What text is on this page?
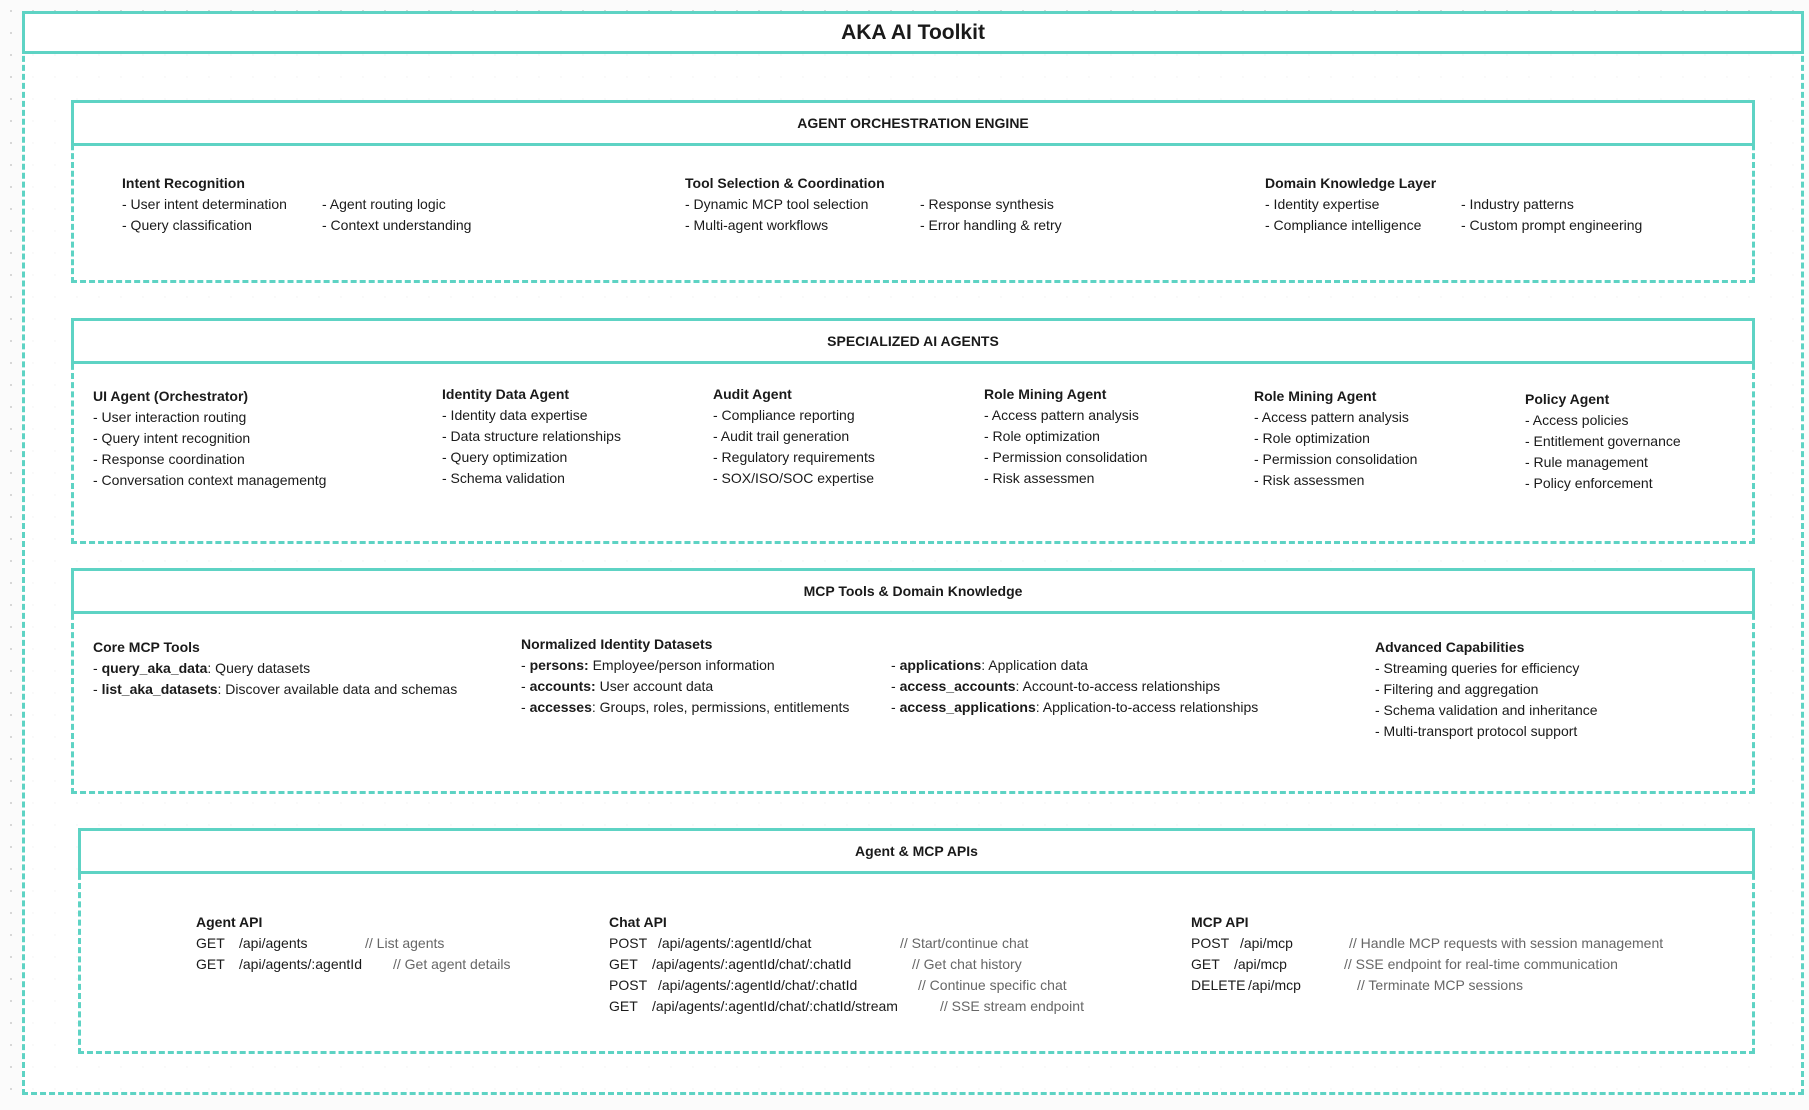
AKA AI Toolkit
AGENT ORCHESTRATION ENGINE
Intent Recognition
- User intent determination
- Query classification
- Agent routing logic
- Context understanding
Tool Selection & Coordination
- Dynamic MCP tool selection
- Multi-agent workflows
- Response synthesis
- Error handling & retry
Domain Knowledge Layer
- Identity expertise
- Compliance intelligence
- Industry patterns
- Custom prompt engineering
SPECIALIZED AI AGENTS
UI Agent (Orchestrator)
- User interaction routing
- Query intent recognition
- Response coordination
- Conversation context managementg
Identity Data Agent
- Identity data expertise
- Data structure relationships
- Query optimization
- Schema validation
Audit Agent
- Compliance reporting
- Audit trail generation
- Regulatory requirements
- SOX/ISO/SOC expertise
Role Mining Agent
- Access pattern analysis
- Role optimization
- Permission consolidation
- Risk assessmen
Role Mining Agent
- Access pattern analysis
- Role optimization
- Permission consolidation
- Risk assessmen
Policy Agent
- Access policies
- Entitlement governance
- Rule management
- Policy enforcement
MCP Tools & Domain Knowledge
Core MCP Tools
- query_aka_data: Query datasets
- list_aka_datasets: Discover available data and schemas
Normalized Identity Datasets
- persons: Employee/person information
- accounts: User account data
- accesses: Groups, roles, permissions, entitlements
- applications: Application data
- access_accounts: Account-to-access relationships
- access_applications: Application-to-access relationships
Advanced Capabilities
- Streaming queries for efficiency
- Filtering and aggregation
- Schema validation and inheritance
- Multi-transport protocol support
Agent & MCP APIs
Agent API
GET	/api/agents	// List agents
GET	/api/agents/:agentId	// Get agent details
Chat API
POST /api/agents/:agentId/chat	// Start/continue chat
GET	/api/agents/:agentId/chat/:chatId	// Get chat history
POST /api/agents/:agentId/chat/:chatId	// Continue specific chat
GET	/api/agents/:agentId/chat/:chatId/stream	// SSE stream endpoint
MCP API
POST /api/mcp	// Handle MCP requests with session management
GET	/api/mcp	// SSE endpoint for real-time communication
DELETE /api/mcp	// Terminate MCP sessions
